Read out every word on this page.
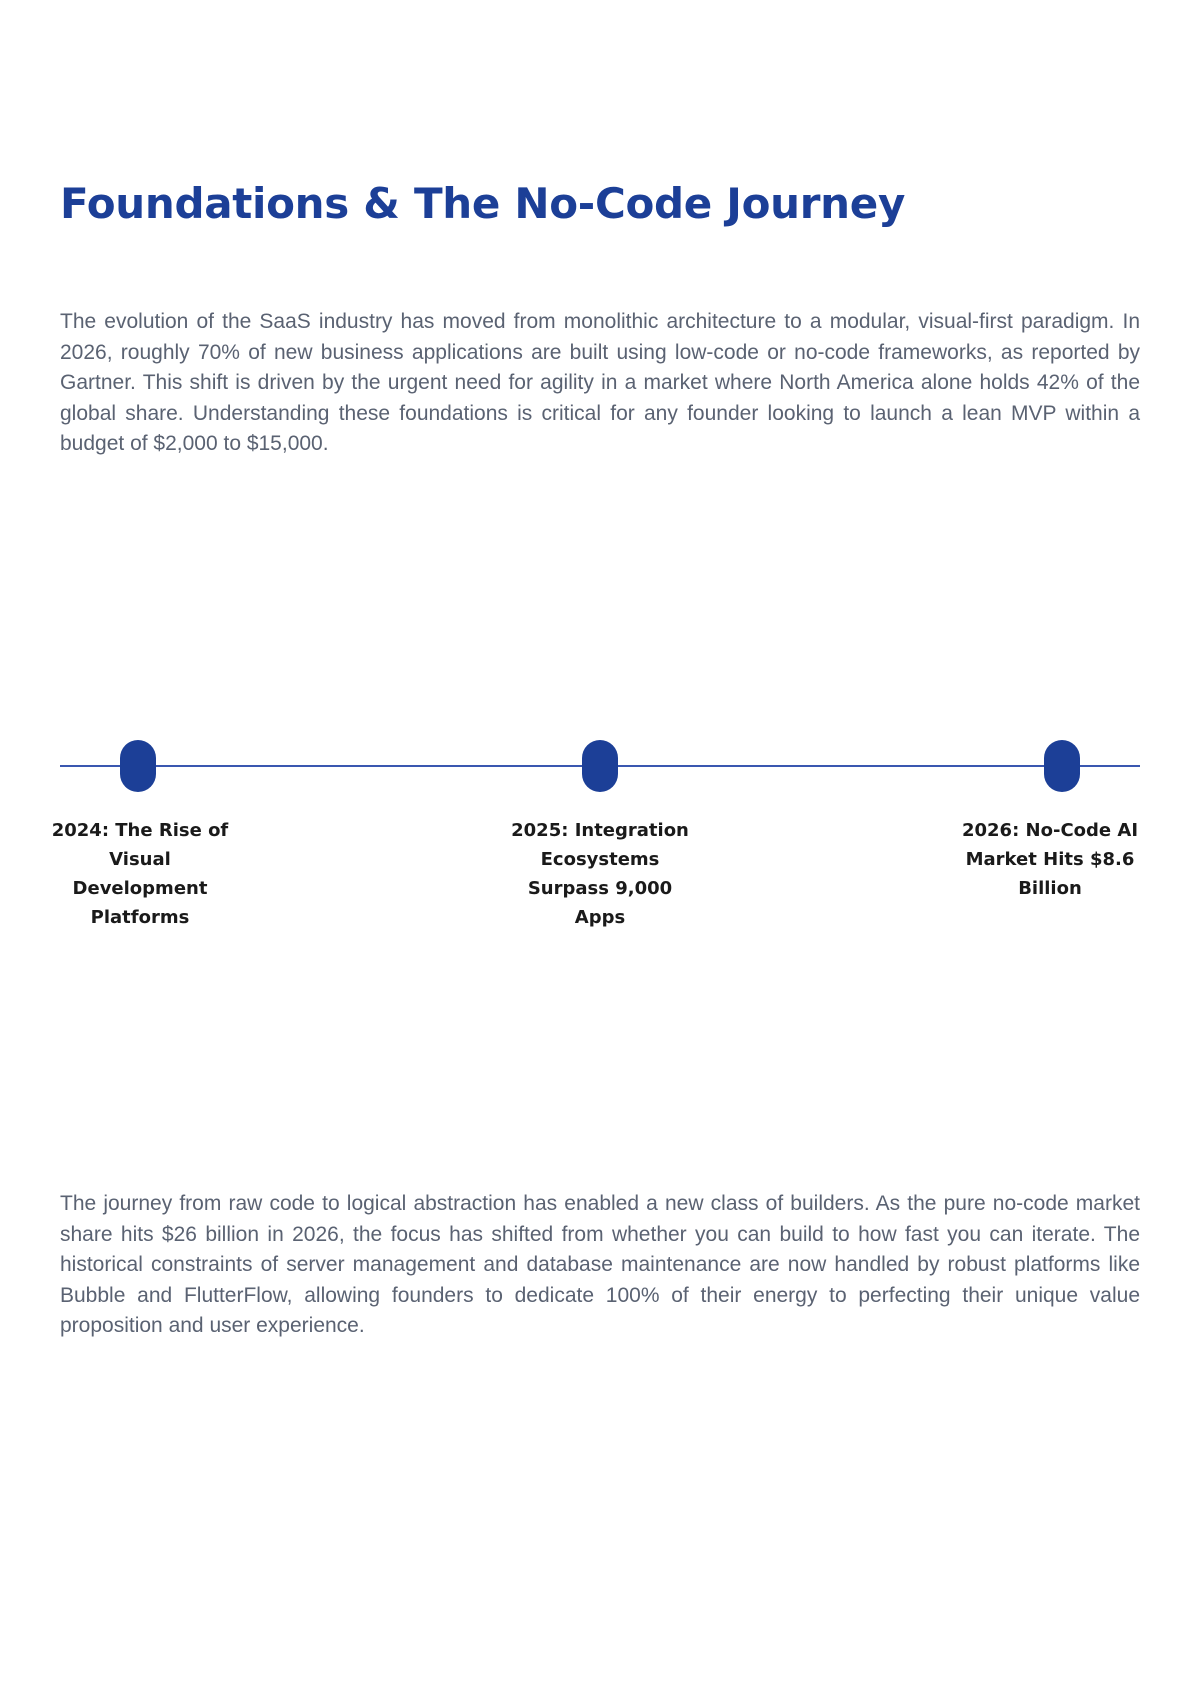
Foundations & The No-Code Journey

The evolution of the SaaS industry has moved from monolithic architecture to a modular, visual-first paradigm. In 2026, roughly 70% of new business applications are built using low-code or no-code frameworks, as reported by Gartner. This shift is driven by the urgent need for agility in a market where North America alone holds 42% of the global share. Understanding these foundations is critical for any founder looking to launch a lean MVP within a budget of $2,000 to $15,000.

2024: The Rise of Visual Development Platforms

2025: Integration Ecosystems Surpass 9,000 Apps

2026: No-Code AI Market Hits $8.6 Billion

The journey from raw code to logical abstraction has enabled a new class of builders. As the pure no-code market share hits $26 billion in 2026, the focus has shifted from whether you can build to how fast you can iterate. The historical constraints of server management and database maintenance are now handled by robust platforms like Bubble and FlutterFlow, allowing founders to dedicate 100% of their energy to perfecting their unique value proposition and user experience.
